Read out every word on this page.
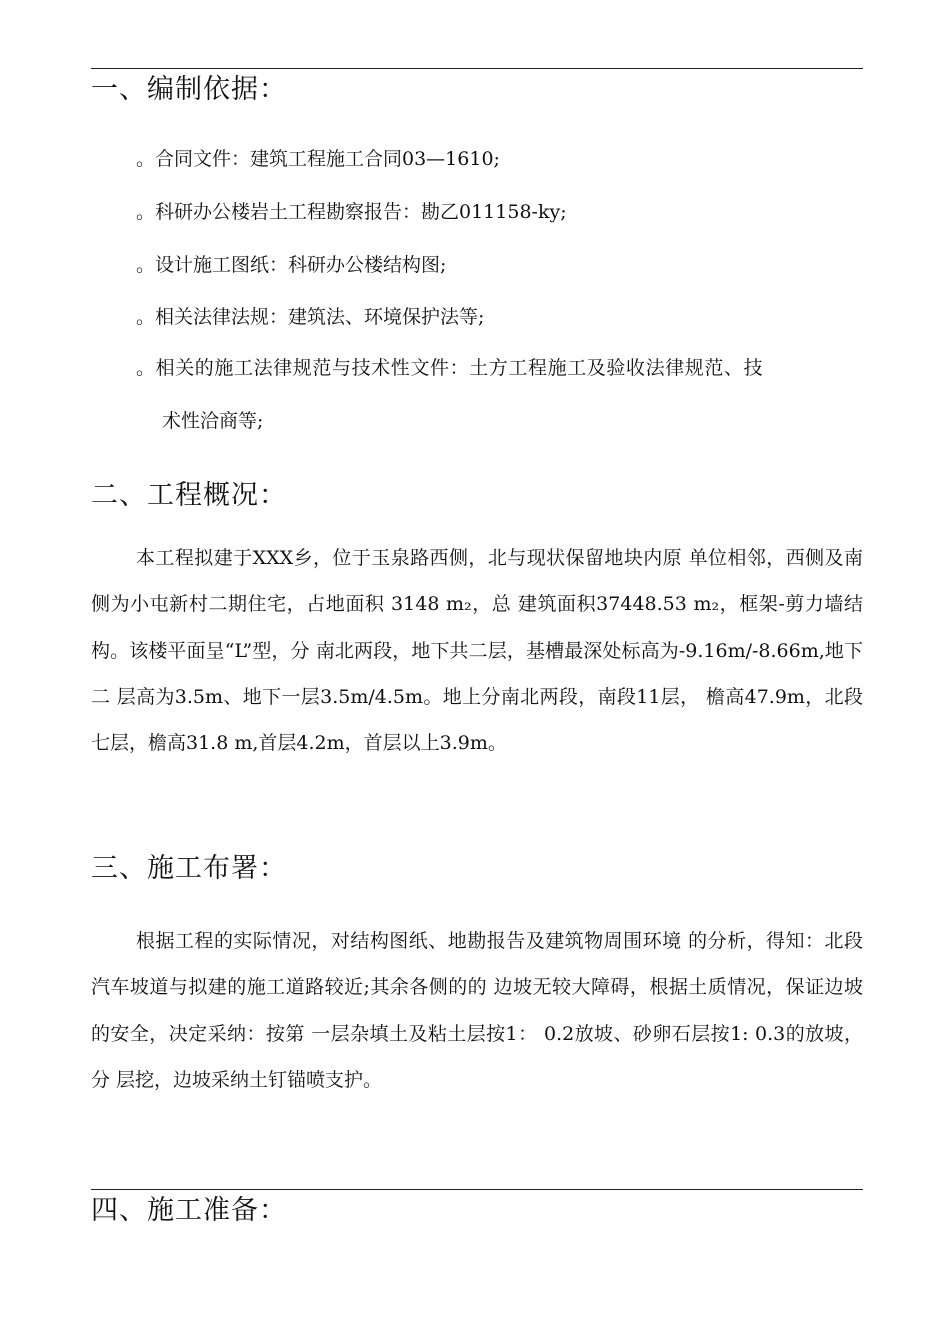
一、编制依据：
。合同文件：建筑工程施工合同03—1610;
。科研办公楼岩土工程勘察报告：勘乙011158-ky;
。设计施工图纸：科研办公楼结构图;
。相关法律法规：建筑法、环境保护法等;
。相关的施工法律规范与技术性文件：土方工程施工及验收法律规范、技
术性洽商等;
二、工程概况：
本工程拟建于XXX乡，位于玉泉路西侧，北与现状保留地块内原 单位相邻，西侧及南侧为小屯新村二期住宅，占地面积 3148 m₂，总 建筑面积37448.53 m₂，框架-剪力墙结构。该楼平面呈“L”型，分 南北两段，地下共二层，基槽最深处标高为-9.16m/-8.66m,地下二 层高为3.5m、地下一层3.5m/4.5m。地上分南北两段，南段11层， 檐高47.9m，北段七层，檐高31.8 m,首层4.2m，首层以上3.9m。
三、施工布署：
根据工程的实际情况，对结构图纸、地勘报告及建筑物周围环境 的分析，得知：北段汽车坡道与拟建的施工道路较近;其余各侧的的 边坡无较大障碍，根据土质情况，保证边坡的安全，决定采纳：按第 一层杂填土及粘土层按1： 0.2放坡、砂卵石层按1: 0.3的放坡，分 层挖，边坡采纳土钉锚喷支护。
四、施工准备：
